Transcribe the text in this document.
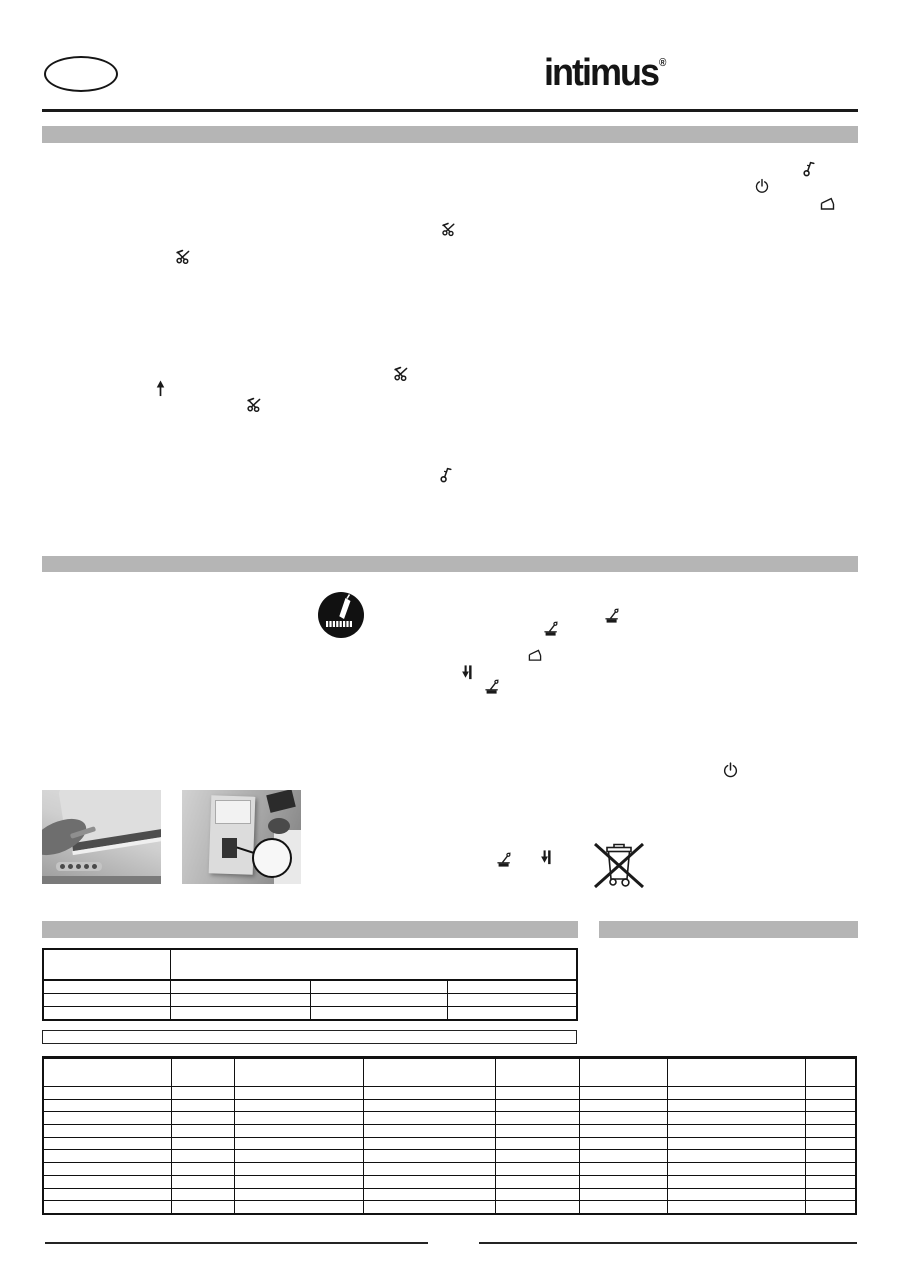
intimus®
